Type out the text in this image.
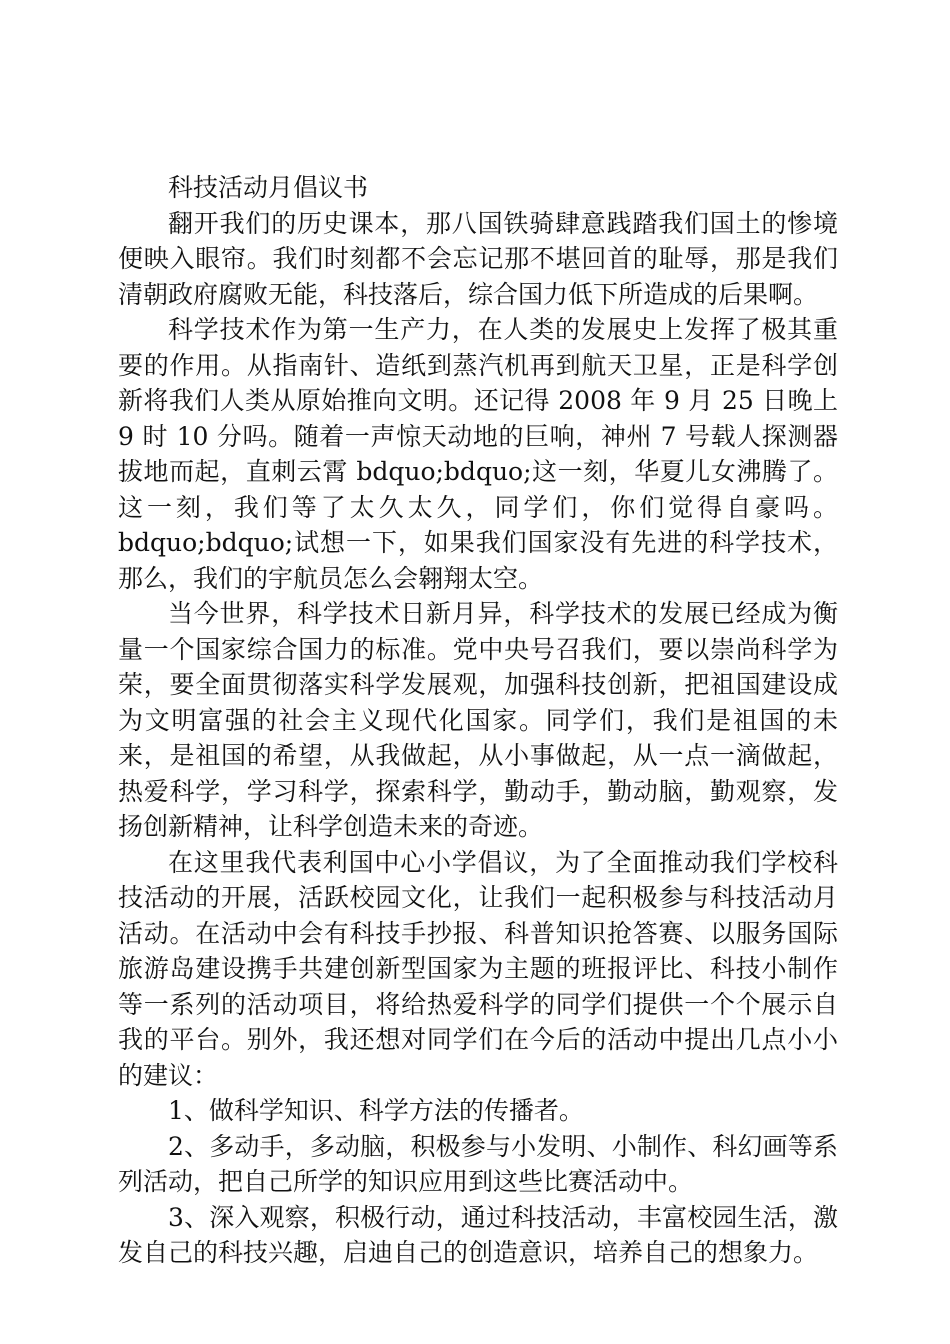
科技活动月倡议书

翻开我们的历史课本，那八国铁骑肆意践踏我们国土的惨境便映入眼帘。我们时刻都不会忘记那不堪回首的耻辱，那是我们清朝政府腐败无能，科技落后，综合国力低下所造成的后果啊。

科学技术作为第一生产力，在人类的发展史上发挥了极其重要的作用。从指南针、造纸到蒸汽机再到航天卫星，正是科学创新将我们人类从原始推向文明。还记得 2008 年 9 月 25 日晚上 9 时 10 分吗。随着一声惊天动地的巨响，神州 7 号载人探测器拔地而起，直刺云霄 bdquo;bdquo;这一刻，华夏儿女沸腾了。这一刻，我们等了太久太久，同学们，你们觉得自豪吗。bdquo;bdquo;试想一下，如果我们国家没有先进的科学技术，那么，我们的宇航员怎么会翱翔太空。

当今世界，科学技术日新月异，科学技术的发展已经成为衡量一个国家综合国力的标准。党中央号召我们，要以崇尚科学为荣，要全面贯彻落实科学发展观，加强科技创新，把祖国建设成为文明富强的社会主义现代化国家。同学们，我们是祖国的未来，是祖国的希望，从我做起，从小事做起，从一点一滴做起，热爱科学，学习科学，探索科学，勤动手，勤动脑，勤观察，发扬创新精神，让科学创造未来的奇迹。

在这里我代表利国中心小学倡议，为了全面推动我们学校科技活动的开展，活跃校园文化，让我们一起积极参与科技活动月活动。在活动中会有科技手抄报、科普知识抢答赛、以服务国际旅游岛建设携手共建创新型国家为主题的班报评比、科技小制作等一系列的活动项目，将给热爱科学的同学们提供一个个展示自我的平台。别外，我还想对同学们在今后的活动中提出几点小小的建议：

1、做科学知识、科学方法的传播者。

2、多动手，多动脑，积极参与小发明、小制作、科幻画等系列活动，把自己所学的知识应用到这些比赛活动中。

3、深入观察，积极行动，通过科技活动，丰富校园生活，激发自己的科技兴趣，启迪自己的创造意识，培养自己的想象力。
